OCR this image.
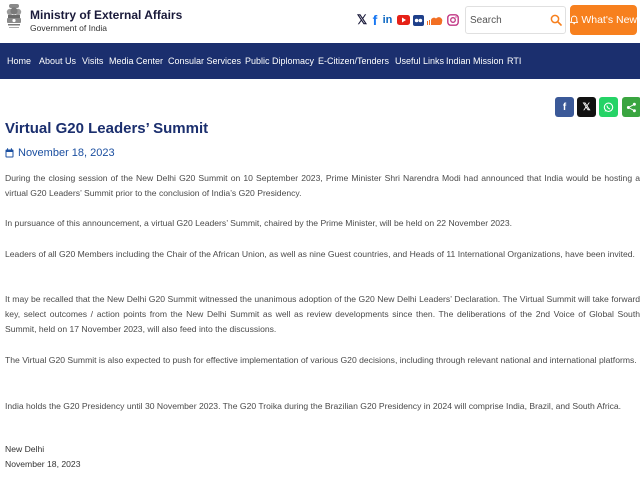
Ministry of External Affairs
Government of India
𝕏 f in
Search	What's New
Home About Us Visits Media Center Consular Services Public Diplomacy E-Citizen/Tenders Useful Links Indian Mission RTI
f	𝕏
Virtual G20 Leaders’ Summit
November 18, 2023

During the closing session of the New Delhi G20 Summit on 10 September 2023, Prime Minister Shri Narendra Modi had announced that India would be hosting a virtual G20 Leaders’ Summit prior to the conclusion of India’s G20 Presidency.

In pursuance of this announcement, a virtual G20 Leaders’ Summit, chaired by the Prime Minister, will be held on 22 November 2023.

Leaders of all G20 Members including the Chair of the African Union, as well as nine Guest countries, and Heads of 11 International Organizations, have been invited.

It may be recalled that the New Delhi G20 Summit witnessed the unanimous adoption of the G20 New Delhi Leaders’ Declaration. The Virtual Summit will take forward key, select outcomes / action points from the New Delhi Summit as well as review developments since then. The deliberations of the 2nd Voice of Global South Summit, held on 17 November 2023, will also feed into the discussions.

The Virtual G20 Summit is also expected to push for effective implementation of various G20 decisions, including through relevant national and international platforms.

India holds the G20 Presidency until 30 November 2023. The G20 Troika during the Brazilian G20 Presidency in 2024 will comprise India, Brazil, and South Africa.

New Delhi
November 18, 2023
